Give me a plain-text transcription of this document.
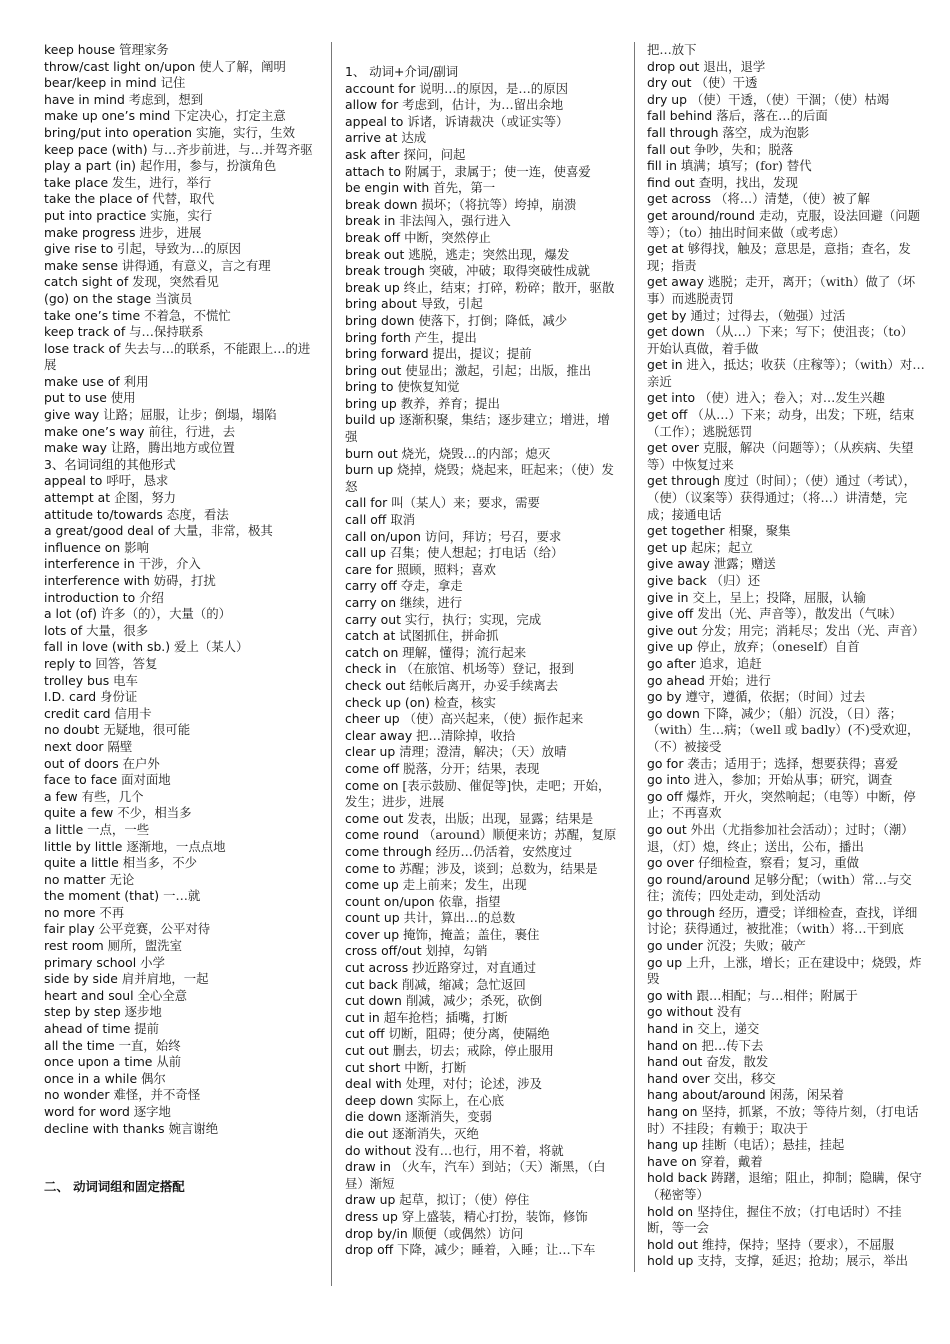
keep house 管理家务
throw/cast light on/upon 使人了解，阐明
bear/keep in mind 记住
have in mind 考虑到，想到
make up one’s mind 下定决心，打定主意
bring/put into operation 实施，实行，生效
keep pace (with) 与…齐步前进，与…并驾齐驱
play a part (in) 起作用，参与，扮演角色
take place 发生，进行，举行
take the place of 代替，取代
put into practice 实施，实行
make progress 进步，进展
give rise to 引起，导致为…的原因
make sense 讲得通，有意义，言之有理
catch sight of 发现，突然看见
(go) on the stage 当演员
take one’s time 不着急，不慌忙
keep track of 与…保持联系
lose track of 失去与…的联系，不能跟上…的进展
make use of 利用
put to use 使用
give way 让路；屈服，让步；倒塌，塌陷
make one’s way 前往，行进，去
make way 让路，腾出地方或位置
3、名词词组的其他形式
appeal to 呼吁，恳求
attempt at 企图，努力
attitude to/towards 态度，看法
a great/good deal of 大量，非常，极其
influence on 影响
interference in 干涉，介入
interference with 妨碍，打扰
introduction to 介绍
a lot (of) 许多（的），大量（的）
lots of 大量，很多
fall in love (with sb.) 爱上（某人）
reply to 回答，答复
trolley bus 电车
I.D. card 身份证
credit card 信用卡
no doubt 无疑地，很可能
next door 隔壁
out of doors 在户外
face to face 面对面地
a few 有些，几个
quite a few 不少，相当多
a little 一点，一些
little by little 逐渐地，一点点地
quite a little 相当多，不少
no matter 无论
the moment (that) 一…就
no more 不再
fair play 公平竞赛，公平对待
rest room 厕所，盥洗室
primary school 小学
side by side 肩并肩地，一起
heart and soul 全心全意
step by step 逐步地
ahead of time 提前
all the time 一直，始终
once upon a time 从前
once in a while 偶尔
no wonder 难怪，并不奇怪
word for word 逐字地
decline with thanks 婉言谢绝
二、 动词词组和固定搭配
1、 动词+介词/副词
account for 说明…的原因，是…的原因
allow for 考虑到，估计，为…留出余地
appeal to 诉诸，诉请裁决（或证实等）
arrive at 达成
ask after 探问，问起
attach to 附属于，隶属于；使一连，使喜爱
be engin with 首先，第一
break down 损坏；（将抗等）垮掉，崩溃
break in 非法闯入，强行进入
break off 中断，突然停止
break out 逃脱，逃走；突然出现，爆发
break trough 突破，冲破；取得突破性成就
break up 终止，结束；打碎，粉碎；散开，驱散
bring about 导致，引起
bring down 使落下，打倒；降低，减少
bring forth 产生，提出
bring forward 提出，提议；提前
bring out 使显出；激起，引起；出版，推出
bring to 使恢复知觉
bring up 教养，养育；提出
build up 逐渐积聚，集结；逐步建立；增进，增强
burn out 烧光，烧毁…的内部；熄灭
burn up 烧掉，烧毁；烧起来，旺起来；（使）发怒
call for 叫（某人）来；要求，需要
call off 取消
call on/upon 访问，拜访；号召，要求
call up 召集；使人想起；打电话（给）
care for 照顾，照料；喜欢
carry off 夺走，拿走
carry on 继续，进行
carry out 实行，执行；实现，完成
catch at 试图抓住，拼命抓
catch on 理解，懂得；流行起来
check in （在旅馆、机场等）登记，报到
check out 结帐后离开，办妥手续离去
check up (on) 检查，核实
cheer up （使）高兴起来，（使）振作起来
clear away 把…清除掉，收拾
clear up 清理；澄清，解决；（天）放晴
come off 脱落，分开；结果，表现
come on [表示鼓励、催促等]快，走吧；开始，发生；进步，进展
come out 发表，出版；出现，显露；结果是
come round （around）顺便来访；苏醒，复原
come through 经历…仍活着，安然度过
come to 苏醒；涉及，谈到；总数为，结果是
come up 走上前来；发生，出现
count on/upon 依靠，指望
count up 共计，算出…的总数
cover up 掩饰，掩盖；盖住，裹住
cross off/out 划掉，勾销
cut across 抄近路穿过，对直通过
cut back 削减，缩减；急忙返回
cut down 削减，减少；杀死，砍倒
cut in 超车抢档；插嘴，打断
cut off 切断，阻碍；使分离，使隔绝
cut out 删去，切去；戒除，停止服用
cut short 中断，打断
deal with 处理，对付；论述，涉及
deep down 实际上，在心底
die down 逐渐消失，变弱
die out 逐渐消失，灭绝
do without 没有…也行，用不着，将就
draw in （火车，汽车）到站；（天）渐黑，（白昼）渐短
draw up 起草，拟订；（使）停住
dress up 穿上盛装，精心打扮，装饰，修饰
drop by/in 顺便（或偶然）访问
drop off 下降，减少；睡着，入睡；让…下车
把…放下
drop out 退出，退学
dry out （使）干透
dry up （使）干透，（使）干涸；（使）枯竭
fall behind 落后，落在…的后面
fall through 落空，成为泡影
fall out 争吵，失和；脱落
fill in 填满；填写；(for) 替代
find out 查明，找出，发现
get across （将…）清楚，（使）被了解
get around/round 走动，克服，设法回避（问题等）；（to）抽出时间来做（或考虑）
get at 够得找，触及；意思是，意指；查名，发现；指责
get away 逃脱；走开，离开；（with）做了（坏事）而逃脱责罚
get by 通过；过得去，（勉强）过活
get down （从…）下来；写下；使沮丧；（to）开始认真做，着手做
get in 进入，抵达；收获（庄稼等）；（with）对…亲近
get into （使）进入；卷入；对…发生兴趣
get off （从…）下来；动身，出发；下班，结束（工作）；逃脱惩罚
get over 克服，解决（问题等）；（从疾病、失望等）中恢复过来
get through 度过（时间）；（使）通过（考试），（使）（议案等）获得通过；（将…）讲清楚，完成；接通电话
get together 相聚，聚集
get up 起床；起立
give away 泄露；赠送
give back （归）还
give in 交上，呈上；投降，屈服，认输
give off 发出（光、声音等），散发出（气味）
give out 分发；用完；消耗尽；发出（光、声音）
give up 停止，放弃；（oneself）自首
go after 追求，追赶
go ahead 开始；进行
go by 遵守，遵循，依据；（时间）过去
go down 下降，减少；（船）沉没，（日）落；（with）生…病；（well 或 badly）(不)受欢迎，（不）被接受
go for 袭击；适用于；选择，想要获得；喜爱
go into 进入，参加；开始从事；研究，调查
go off 爆炸，开火，突然响起；（电等）中断，停止；不再喜欢
go out 外出（尤指参加社会活动）；过时；（潮）退，（灯）熄，终止；送出，公布，播出
go over 仔细检查，察看；复习，重做
go round/around 足够分配；（with）常…与交往；流传；四处走动，到处活动
go through 经历，遭受；详细检查，查找，详细讨论；获得通过，被批准；（with）将…干到底
go under 沉没；失败；破产
go up 上升，上涨，增长；正在建设中；烧毁，炸毁
go with 跟…相配；与…相伴；附属于
go without 没有
hand in 交上，递交
hand on 把…传下去
hand out 奋发，散发
hand over 交出，移交
hang about/around 闲荡，闲呆着
hang on 坚持，抓紧，不放；等待片刻，（打电话时）不挂段；有赖于；取决于
hang up 挂断（电话）；悬挂，挂起
have on 穿着，戴着
hold back 踌躇，退缩；阻止，抑制；隐瞒，保守（秘密等）
hold on 坚持住，握住不放；（打电话时）不挂断，等一会
hold out 维持，保持；坚持（要求），不屈服
hold up 支持，支撑，延迟；抢劫；展示，举出
